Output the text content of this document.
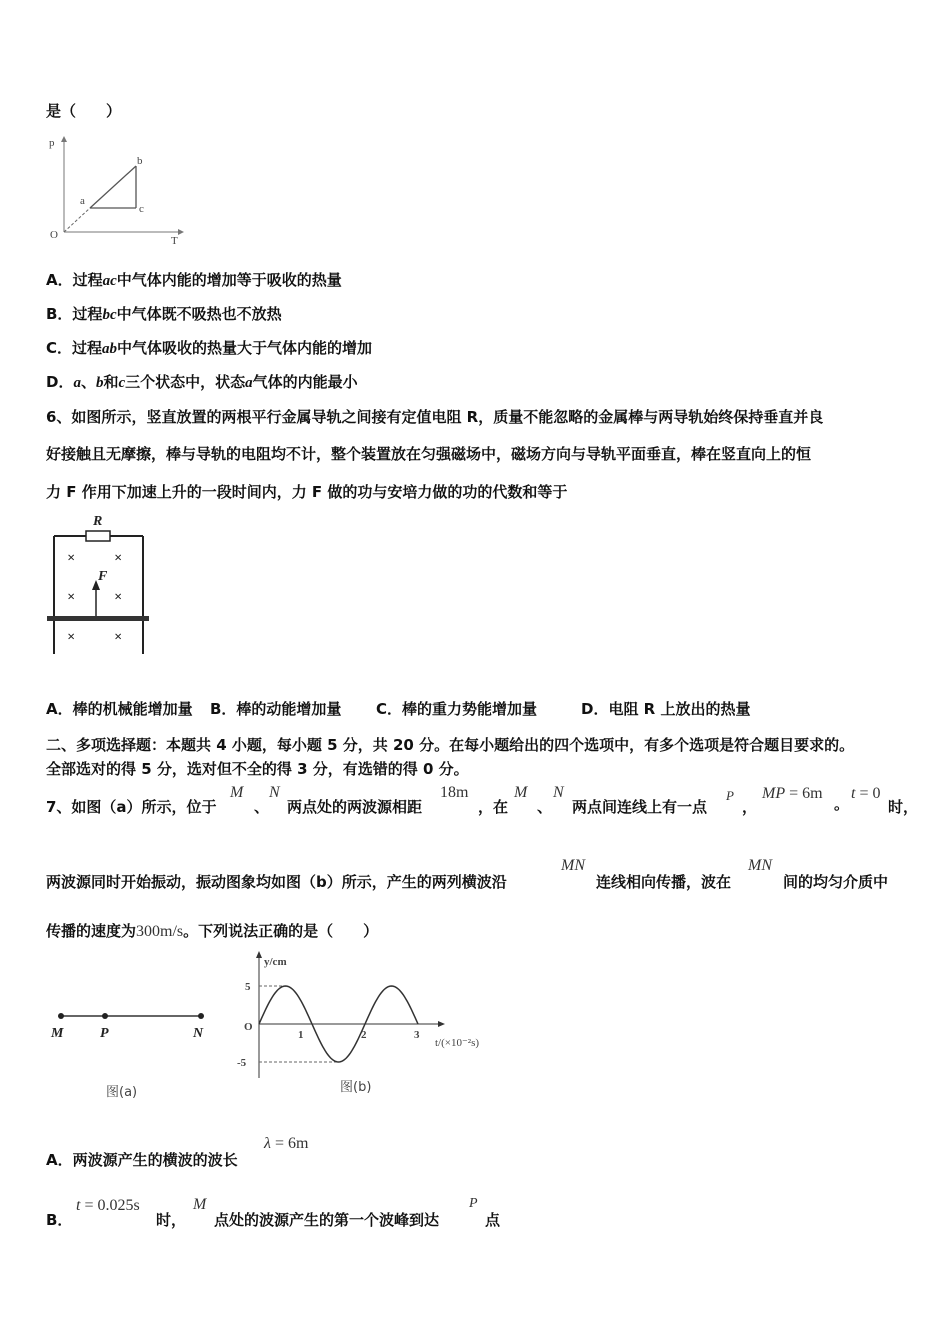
是（　　）
p
T
O
a
b
c
A．过程ac中气体内能的增加等于吸收的热量
B．过程bc中气体既不吸热也不放热
C．过程ab中气体吸收的热量大于气体内能的增加
D．a、b和c三个状态中，状态a气体的内能最小
6、如图所示，竖直放置的两根平行金属导轨之间接有定值电阻 R，质量不能忽略的金属棒与两导轨始终保持垂直并良
好接触且无摩擦，棒与导轨的电阻均不计，整个装置放在匀强磁场中，磁场方向与导轨平面垂直，棒在竖直向上的恒
力 F 作用下加速上升的一段时间内，力 F 做的功与安培力做的功的代数和等于
R
×	×
×	×
×	×
F
A．棒的机械能增加量 B．棒的动能增加量 C．棒的重力势能增加量	D．电阻 R 上放出的热量
二、多项选择题：本题共 4 小题，每小题 5 分，共 20 分。在每小题给出的四个选项中，有多个选项是符合题目要求的。
全部选对的得 5 分，选对但不全的得 3 分，有选错的得 0 分。
7、如图（a）所示，位于
M
、
N
两点处的两波源相距
18m
，在
M
、
N
两点间连线上有一点
P
，
MP = 6m
。
t = 0
时，
两波源同时开始振动，振动图象均如图（b）所示，产生的两列横波沿
MN
连线相向传播，波在
MN
间的均匀介质中
传播的速度为300m/s。下列说法正确的是（　　）
M	P	N
图(a)
y/cm
t/(×10⁻²s)
O
5
-5
1	2	3
图(b)
A．两波源产生的横波的波长
λ = 6m
B．
t = 0.025s
时，
M
点处的波源产生的第一个波峰到达
P
点
